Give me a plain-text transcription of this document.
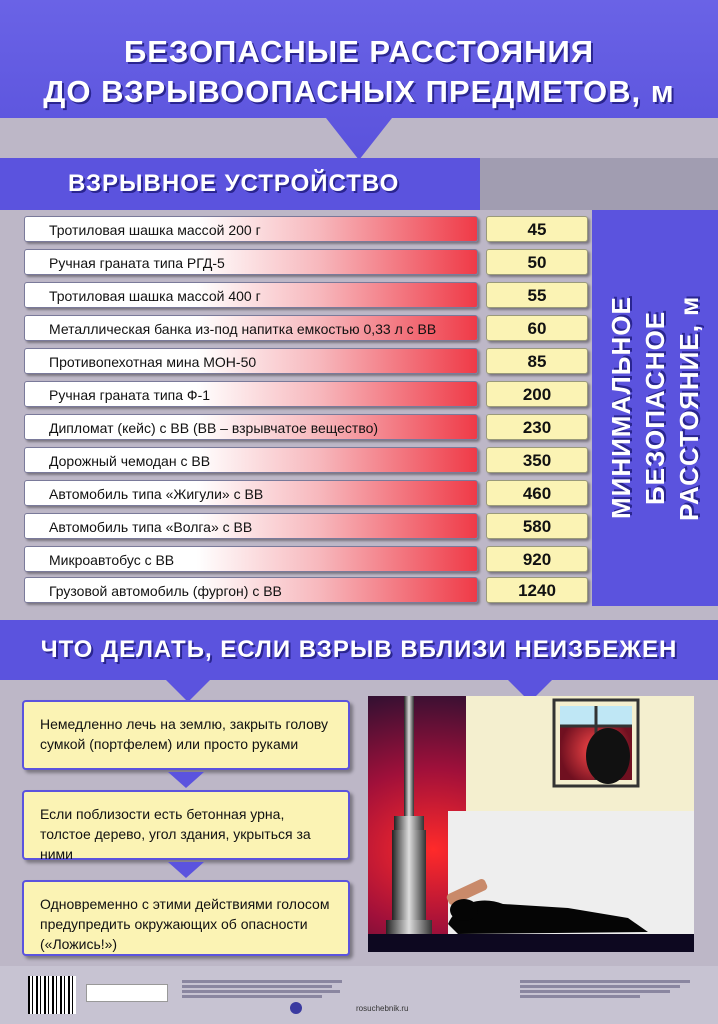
БЕЗОПАСНЫЕ РАССТОЯНИЯ
ДО ВЗРЫВООПАСНЫХ ПРЕДМЕТОВ, м
ВЗРЫВНОЕ УСТРОЙСТВО
МИНИМАЛЬНОЕ БЕЗОПАСНОЕ РАССТОЯНИЕ, м
Тротиловая шашка массой 200 г	45
Ручная граната типа РГД-5	50
Тротиловая шашка массой 400 г	55
Металлическая банка из-под напитка емкостью 0,33 л с ВВ	60
Противопехотная мина МОН-50	85
Ручная граната типа Ф-1	200
Дипломат (кейс) с ВВ (ВВ – взрывчатое вещество)	230
Дорожный чемодан с ВВ	350
Автомобиль типа «Жигули» с ВВ	460
Автомобиль типа «Волга» с ВВ	580
Микроавтобус с ВВ	920
Грузовой автомобиль (фургон) с ВВ	1240
ЧТО ДЕЛАТЬ, ЕСЛИ ВЗРЫВ ВБЛИЗИ НЕИЗБЕЖЕН
Немедленно лечь на землю, закрыть голову сумкой (портфелем) или просто руками
Если поблизости есть бетонная урна, толстое дерево, угол здания, укрыться за ними
Одновременно с этими действиями голосом предупредить окружающих об опасности («Ложись!»)
rosuchebnik.ru
